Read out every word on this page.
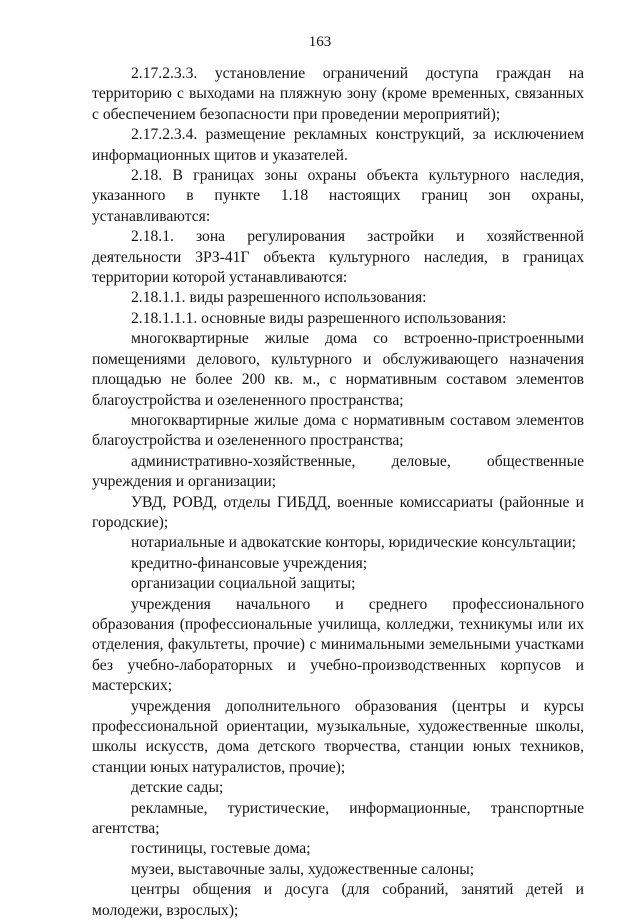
163

2.17.2.3.3. установление ограничений доступа граждан на территорию с выходами на пляжную зону (кроме временных, связанных с обеспечением безопасности при проведении мероприятий);

2.17.2.3.4. размещение рекламных конструкций, за исключением информационных щитов и указателей.

2.18. В границах зоны охраны объекта культурного наследия, указанного в пункте 1.18 настоящих границ зон охраны, устанавливаются:

2.18.1. зона регулирования застройки и хозяйственной деятельности ЗРЗ-41Г объекта культурного наследия, в границах территории которой устанавливаются:

2.18.1.1. виды разрешенного использования:

2.18.1.1.1. основные виды разрешенного использования:

многоквартирные жилые дома со встроенно-пристроенными помещениями делового, культурного и обслуживающего назначения площадью не более 200 кв. м., с нормативным составом элементов благоустройства и озелененного пространства;

многоквартирные жилые дома с нормативным составом элементов благоустройства и озелененного пространства;

административно-хозяйственные, деловые, общественные учреждения и организации;

УВД, РОВД, отделы ГИБДД, военные комиссариаты (районные и городские);

нотариальные и адвокатские конторы, юридические консультации;

кредитно-финансовые учреждения;

организации социальной защиты;

учреждения начального и среднего профессионального образования (профессиональные училища, колледжи, техникумы или их отделения, факультеты, прочие) с минимальными земельными участками без учебно-лабораторных и учебно-производственных корпусов и мастерских;

учреждения дополнительного образования (центры и курсы профессиональной ориентации, музыкальные, художественные школы, школы искусств, дома детского творчества, станции юных техников, станции юных натуралистов, прочие);

детские сады;

рекламные, туристические, информационные, транспортные агентства;

гостиницы, гостевые дома;

музеи, выставочные залы, художественные салоны;

центры общения и досуга (для собраний, занятий детей и молодежи, взрослых);
